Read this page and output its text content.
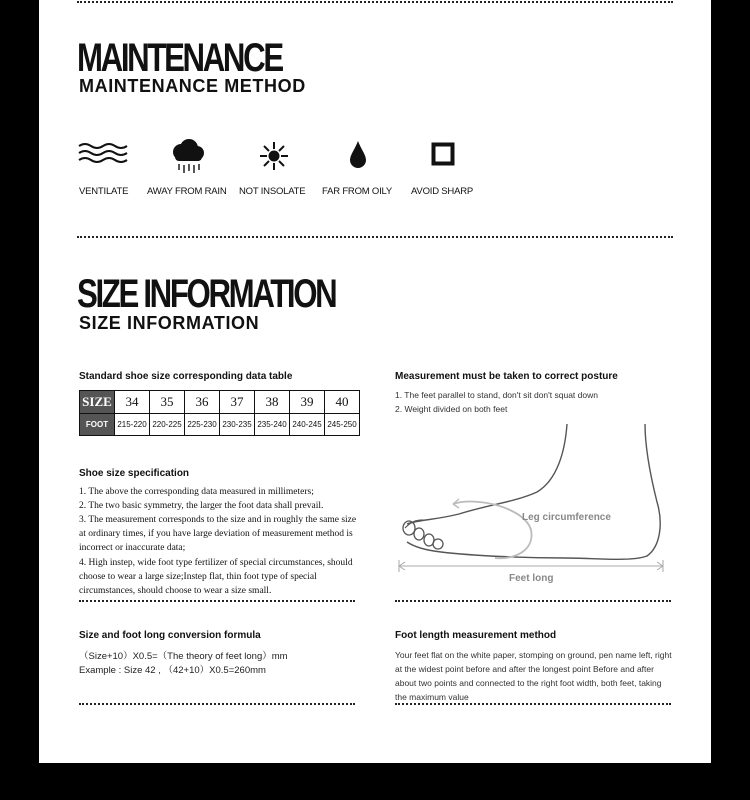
MAINTENANCE
MAINTENANCE METHOD
VENTILATE AWAY FROM RAIN NOT INSOLATE FAR FROM OILY AVOID SHARP
SIZE INFORMATION
SIZE INFORMATION
Standard shoe size corresponding data table
SIZE	34	35	36	37	38	39	40
FOOT	215-220	220-225	225-230	230-235	235-240	240-245	245-250
Shoe size specification
1. The above the corresponding data measured in millimeters;
2. The two basic symmetry, the larger the foot data shall prevail.
3. The measurement corresponds to the size and in roughly the same size at ordinary times, if you have large deviation of measurement method is incorrect or inaccurate data;
4. High instep, wide foot type fertilizer of special circumstances, should choose to wear a large size;Instep flat, thin foot type of special circumstances, should choose to wear a size small.
Measurement must be taken to correct posture
1. The feet parallel to stand, don't sit don't squat down
2. Weight divided on both feet
Leg circumference
Feet long
Size and foot long conversion formula
（Size+10）X0.5=（The theory of feet long）mm
Example : Size 42 , （42+10）X0.5=260mm
Foot length measurement method
Your feet flat on the white paper, stomping on ground, pen name left, right at the widest point before and after the longest point Before and after about two points and connected to the right foot width, both feet, taking the maximum value
